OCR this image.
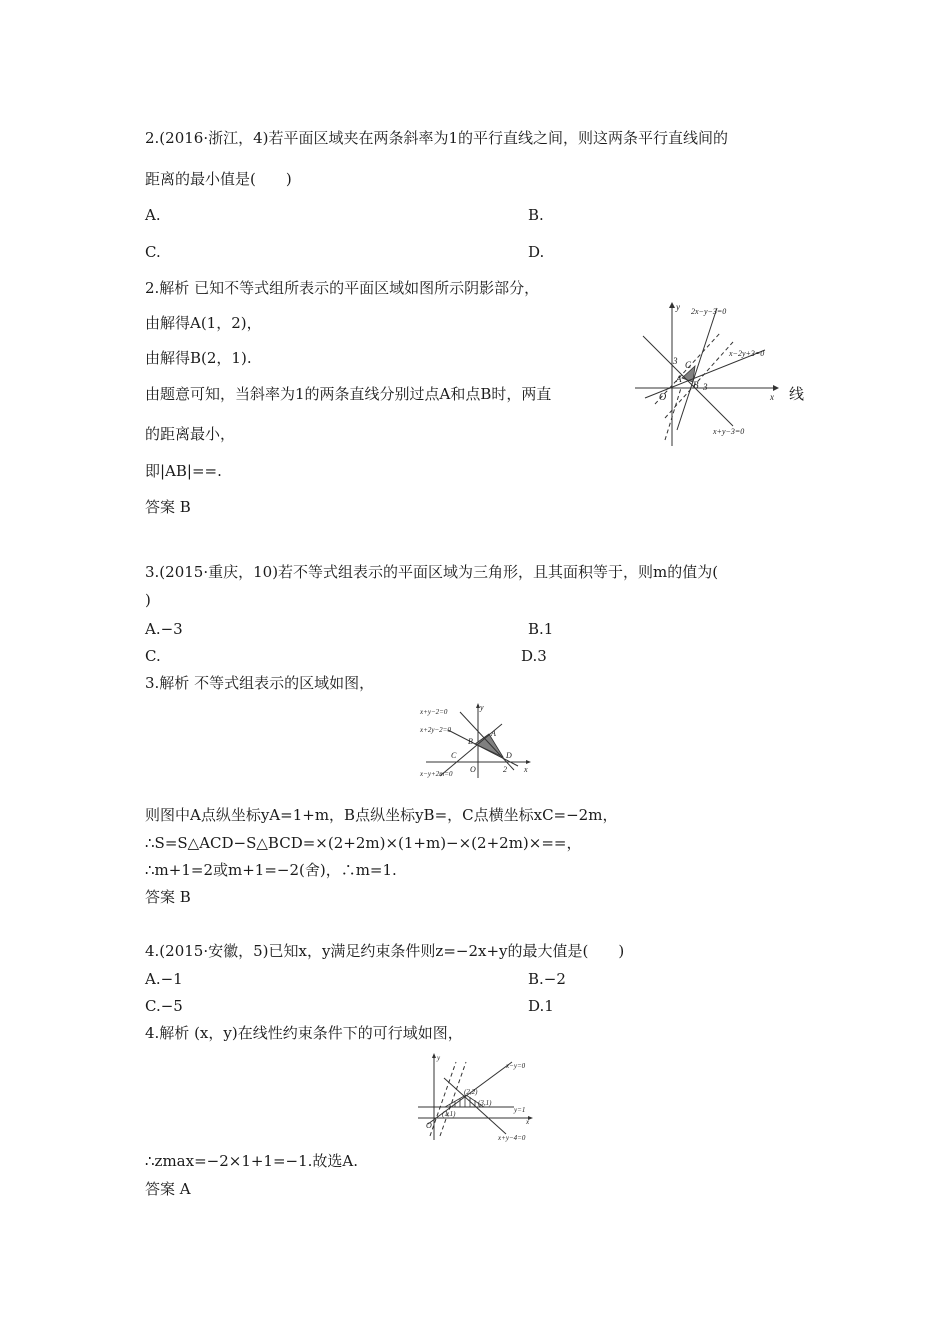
2.(2016·浙江，4)若平面区域夹在两条斜率为1的平行直线之间，则这两条平行直线间的
距离的最小值是(　　)
A.	B.
C.	D.
2.解析 已知不等式组所表示的平面区域如图所示阴影部分，
由解得A(1，2)，
由解得B(2，1).
由题意可知，当斜率为1的两条直线分别过点A和点B时，两直	线
的距离最小，
即|AB|==.
答案 B
y
x
O
A
B
C
3
3
2x−y−3=0
x−2y+3=0
x+y−3=0
3.(2015·重庆，10)若不等式组表示的平面区域为三角形，且其面积等于，则m的值为(
)
A.−3	B.1
C.	D.3
3.解析 不等式组表示的区域如图，
y
x
O
A
B
C	D
2
x+y−2=0
x+2y−2=0
x−y+2m=0
则图中A点纵坐标yA=1+m，B点纵坐标yB=，C点横坐标xC=−2m，
∴S=S△ACD−S△BCD=×(2+2m)×(1+m)−×(2+2m)×==，
∴m+1=2或m+1=−2(舍)，∴m=1.
答案 B
4.(2015·安徽，5)已知x，y满足约束条件则z=−2x+y的最大值是(　　)
A.−1	B.−2
C.−5	D.1
4.解析 (x，y)在线性约束条件下的可行域如图，
y
x
O
x−y=0
y=1
x+y−4=0
(1,1)
(2,2)
(3,1)
∴zmax=−2×1+1=−1.故选A.
答案 A
